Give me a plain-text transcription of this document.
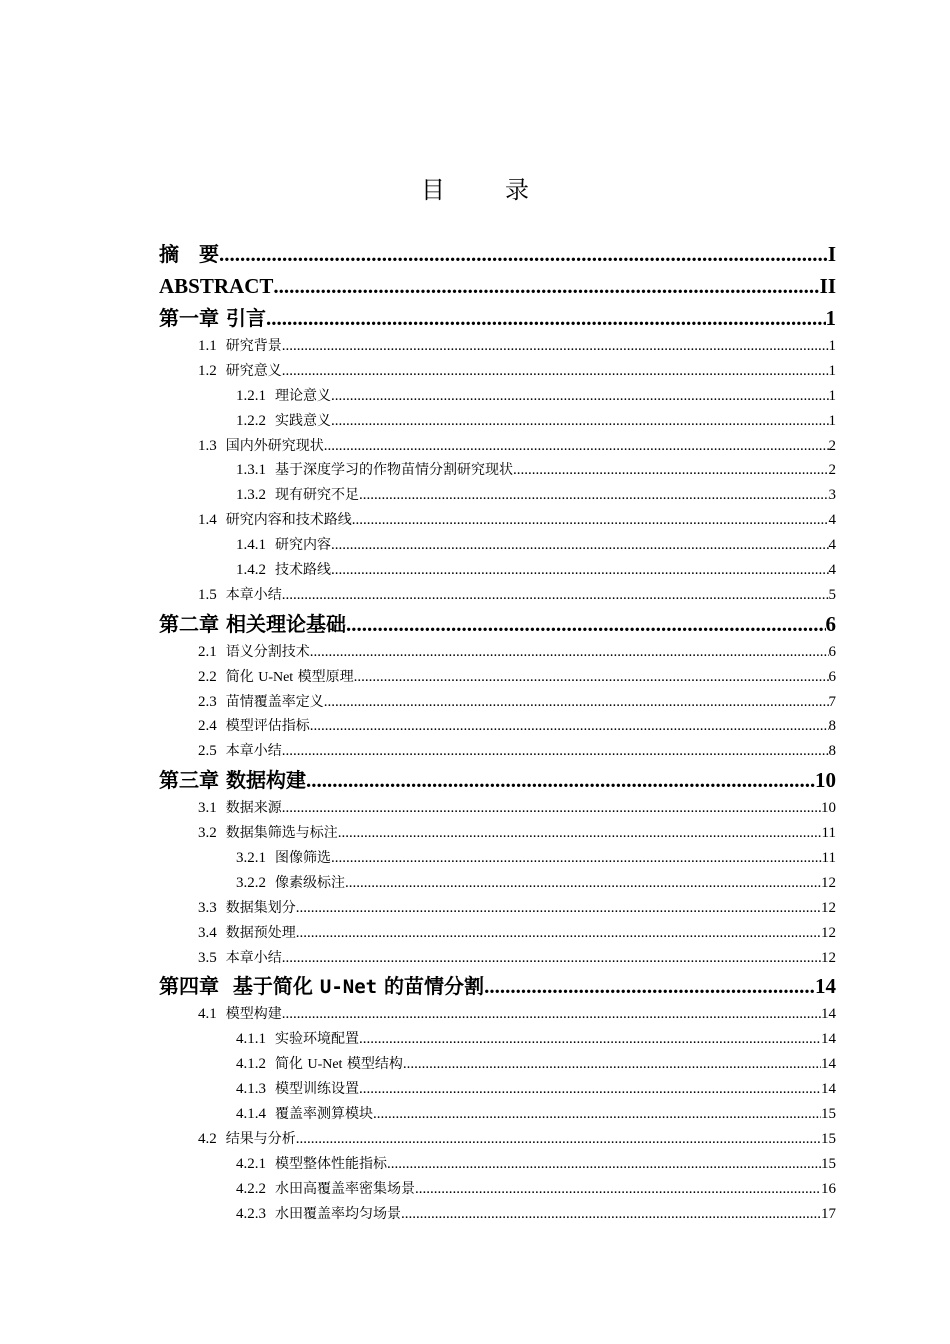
目　录
摘　要 .....	I
ABSTRACT .....	II
第一章 引言 .....	1
1.1 研究背景 .....	1
1.2 研究意义 .....	1
1.2.1 理论意义 .....	1
1.2.2 实践意义 .....	1
1.3 国内外研究现状 .....	2
1.3.1 基于深度学习的作物苗情分割研究现状 .....	2
1.3.2 现有研究不足 .....	3
1.4 研究内容和技术路线 .....	4
1.4.1 研究内容 .....	4
1.4.2 技术路线 .....	4
1.5 本章小结 .....	5
第二章 相关理论基础 .....	6
2.1 语义分割技术 .....	6
2.2 简化 U-Net 模型原理 .....	6
2.3 苗情覆盖率定义 .....	7
2.4 模型评估指标 .....	8
2.5 本章小结 .....	8
第三章 数据构建 .....	10
3.1 数据来源 .....	10
3.2 数据集筛选与标注 .....	11
3.2.1 图像筛选 .....	11
3.2.2 像素级标注 .....	12
3.3 数据集划分 .....	12
3.4 数据预处理 .....	12
3.5 本章小结 .....	12
第四章  基于简化 U-Net 的苗情分割 .....	14
4.1 模型构建 .....	14
4.1.1 实验环境配置 .....	14
4.1.2 简化 U-Net 模型结构 .....	14
4.1.3 模型训练设置 .....	14
4.1.4 覆盖率测算模块 .....	15
4.2 结果与分析 .....	15
4.2.1 模型整体性能指标 .....	15
4.2.2 水田高覆盖率密集场景 .....	16
4.2.3 水田覆盖率均匀场景 .....	17
